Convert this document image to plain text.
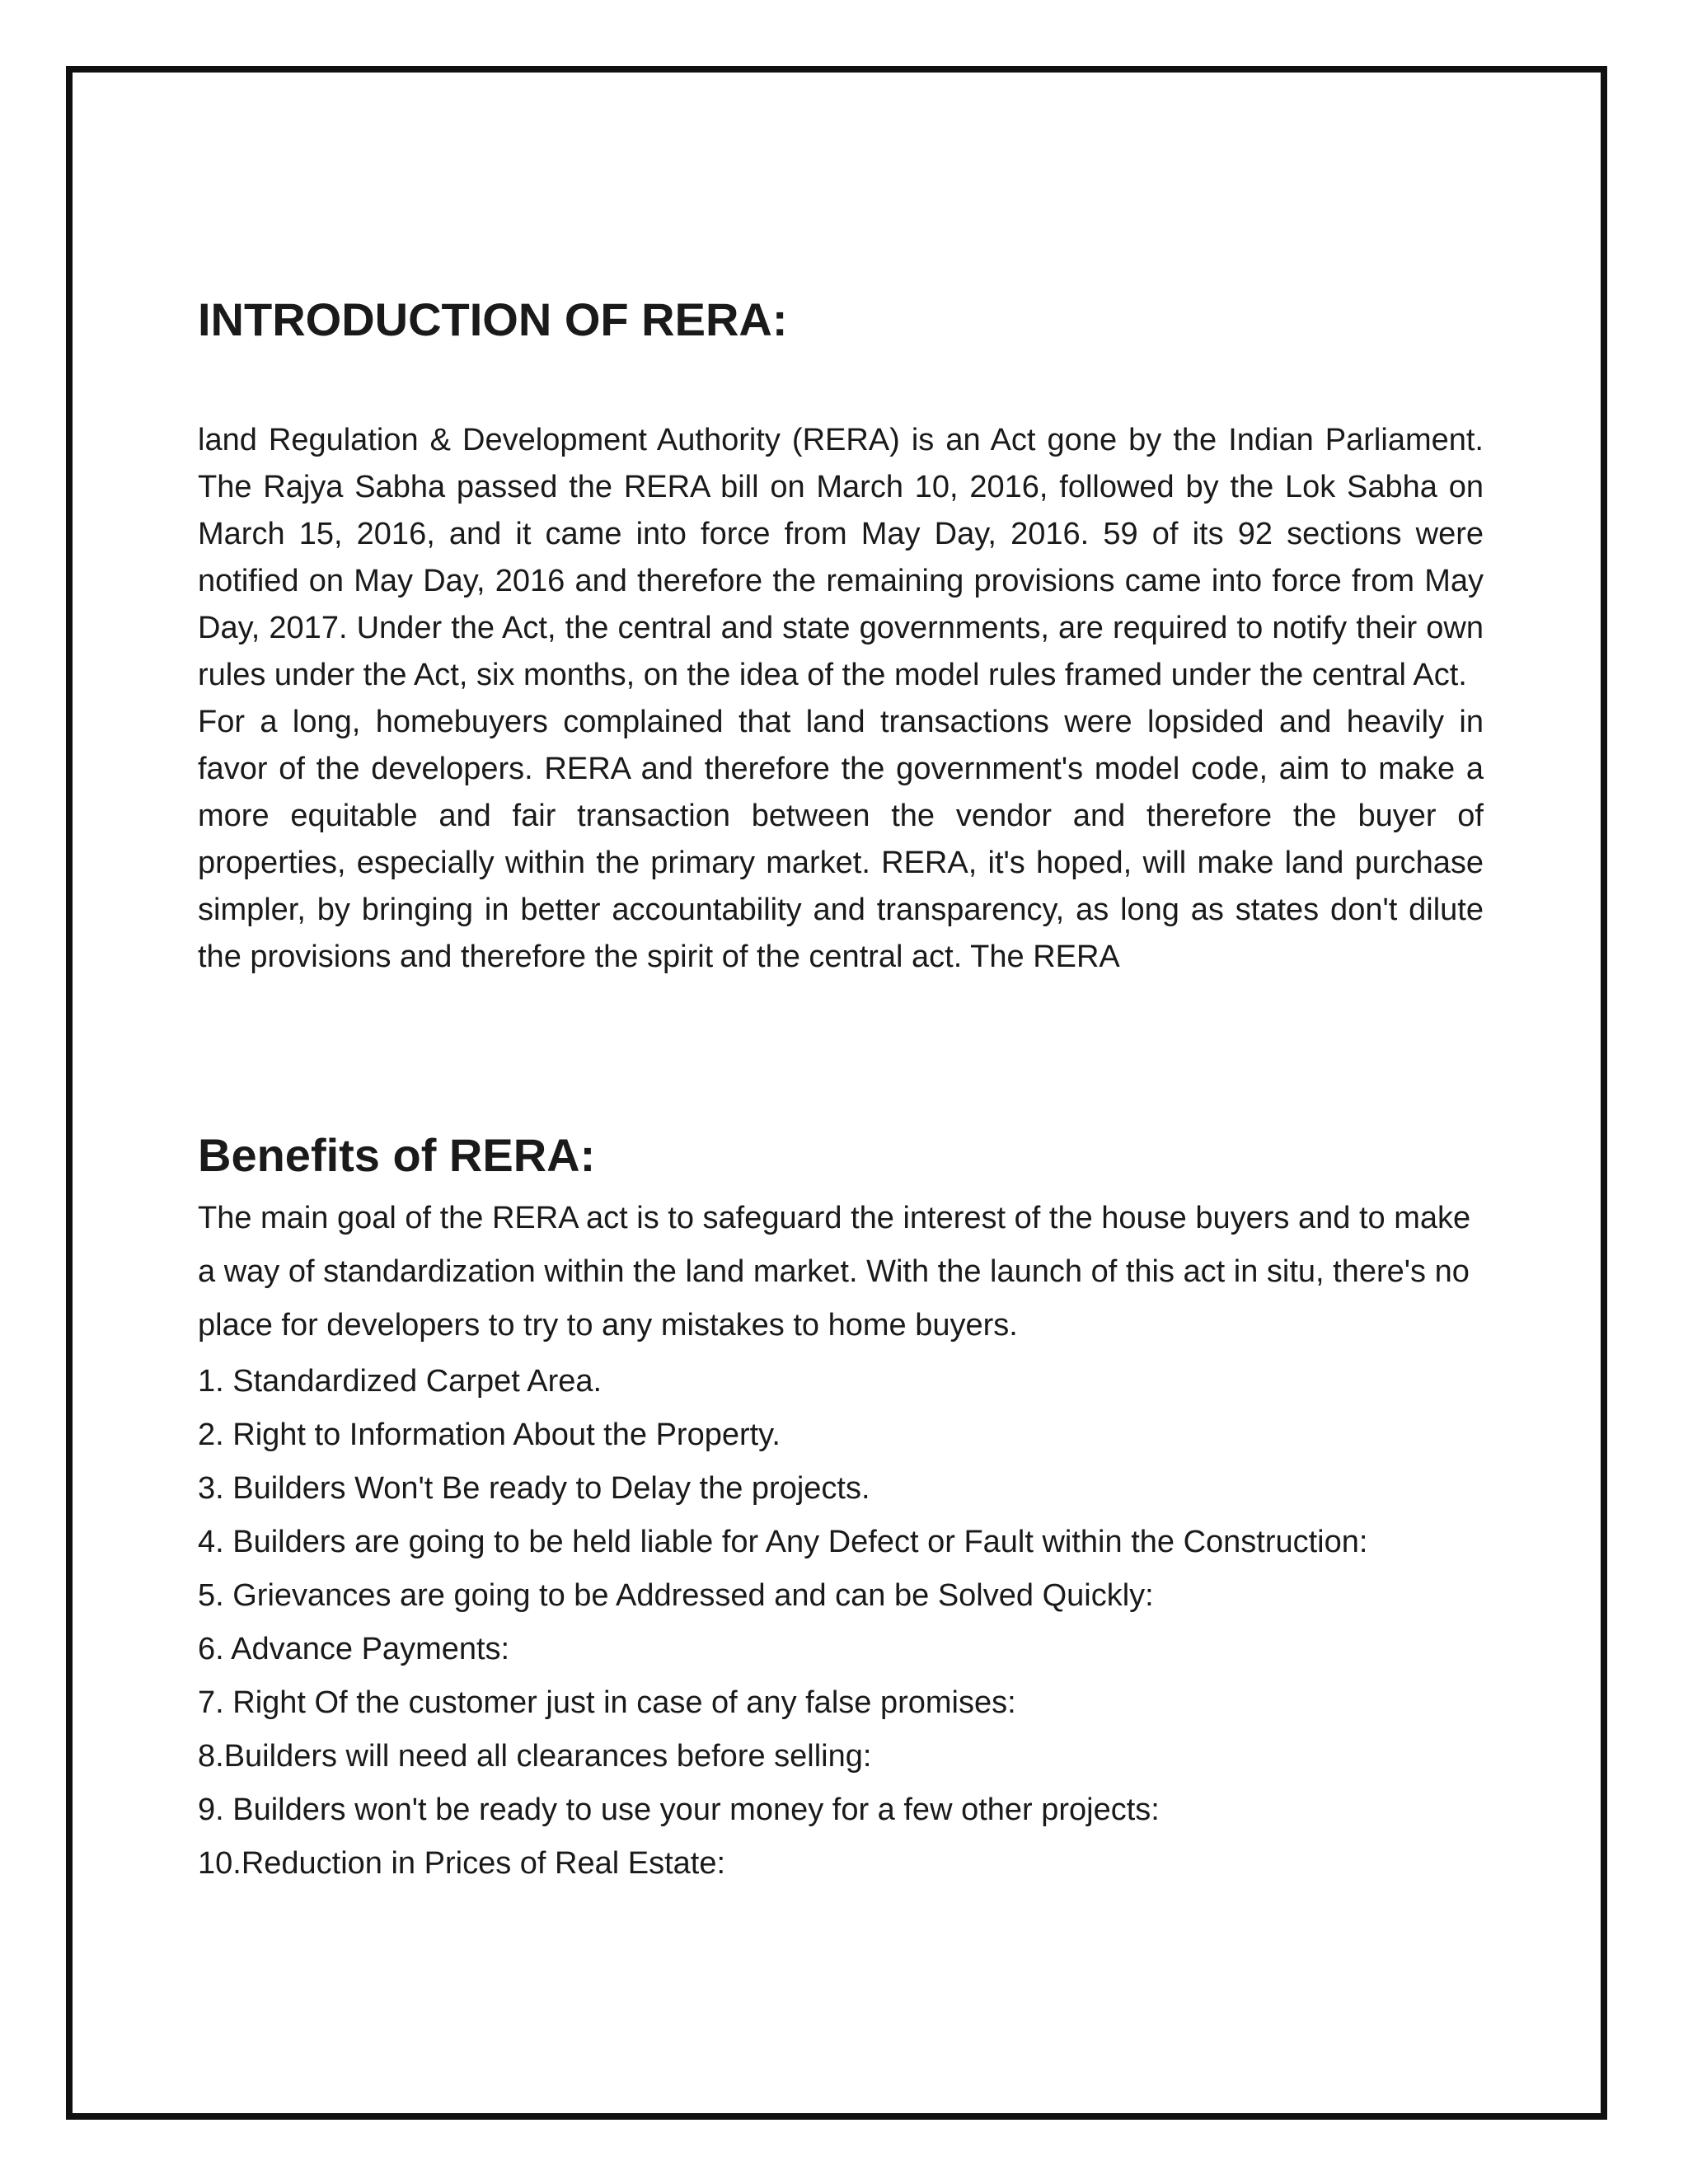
INTRODUCTION OF RERA:

land Regulation & Development Authority (RERA) is an Act gone by the Indian Parliament. The Rajya Sabha passed the RERA bill on March 10, 2016, followed by the Lok Sabha on March 15, 2016, and it came into force from May Day, 2016. 59 of its 92 sections were notified on May Day, 2016 and therefore the remaining provisions came into force from May Day, 2017. Under the Act, the central and state governments, are required to notify their own rules under the Act, six months, on the idea of the model rules framed under the central Act.

For a long, homebuyers complained that land transactions were lopsided and heavily in favor of the developers. RERA and therefore the government's model code, aim to make a more equitable and fair transaction between the vendor and therefore the buyer of properties, especially within the primary market. RERA, it's hoped, will make land purchase simpler, by bringing in better accountability and transparency, as long as states don't dilute the provisions and therefore the spirit of the central act. The RERA

Benefits of RERA:

The main goal of the RERA act is to safeguard the interest of the house buyers and to make a way of standardization within the land market. With the launch of this act in situ, there's no place for developers to try to any mistakes to home buyers.

1. Standardized Carpet Area.
2. Right to Information About the Property.
3. Builders Won't Be ready to Delay the projects.
4. Builders are going to be held liable for Any Defect or Fault within the Construction:
5. Grievances are going to be Addressed and can be Solved Quickly:
6. Advance Payments:
7. Right Of the customer just in case of any false promises:
8.Builders will need all clearances before selling:
9. Builders won't be ready to use your money for a few other projects:
10.Reduction in Prices of Real Estate:
